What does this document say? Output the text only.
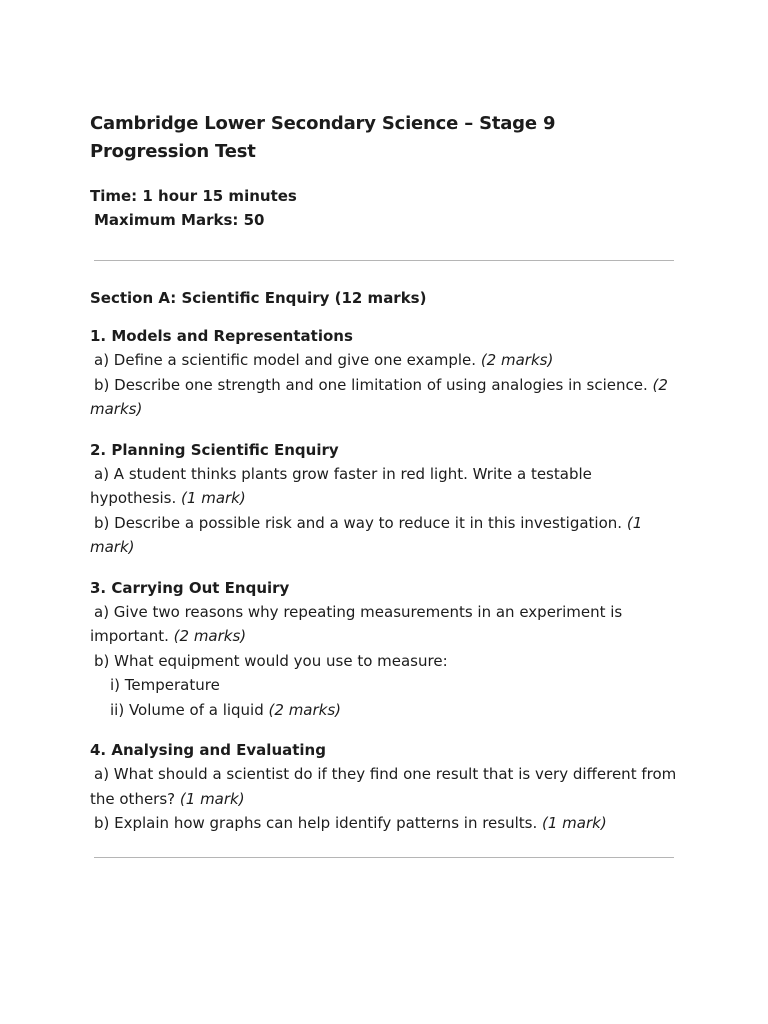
Cambridge Lower Secondary Science – Stage 9 Progression Test

Time: 1 hour 15 minutes

Maximum Marks: 50

Section A: Scientific Enquiry (12 marks)

1. Models and Representations

a) Define a scientific model and give one example. (2 marks)

b) Describe one strength and one limitation of using analogies in science. (2 marks)

2. Planning Scientific Enquiry

a) A student thinks plants grow faster in red light. Write a testable hypothesis. (1 mark)

b) Describe a possible risk and a way to reduce it in this investigation. (1 mark)

3. Carrying Out Enquiry

a) Give two reasons why repeating measurements in an experiment is important. (2 marks)

b) What equipment would you use to measure:

i) Temperature

ii) Volume of a liquid (2 marks)

4. Analysing and Evaluating

a) What should a scientist do if they find one result that is very different from the others? (1 mark)

b) Explain how graphs can help identify patterns in results. (1 mark)
